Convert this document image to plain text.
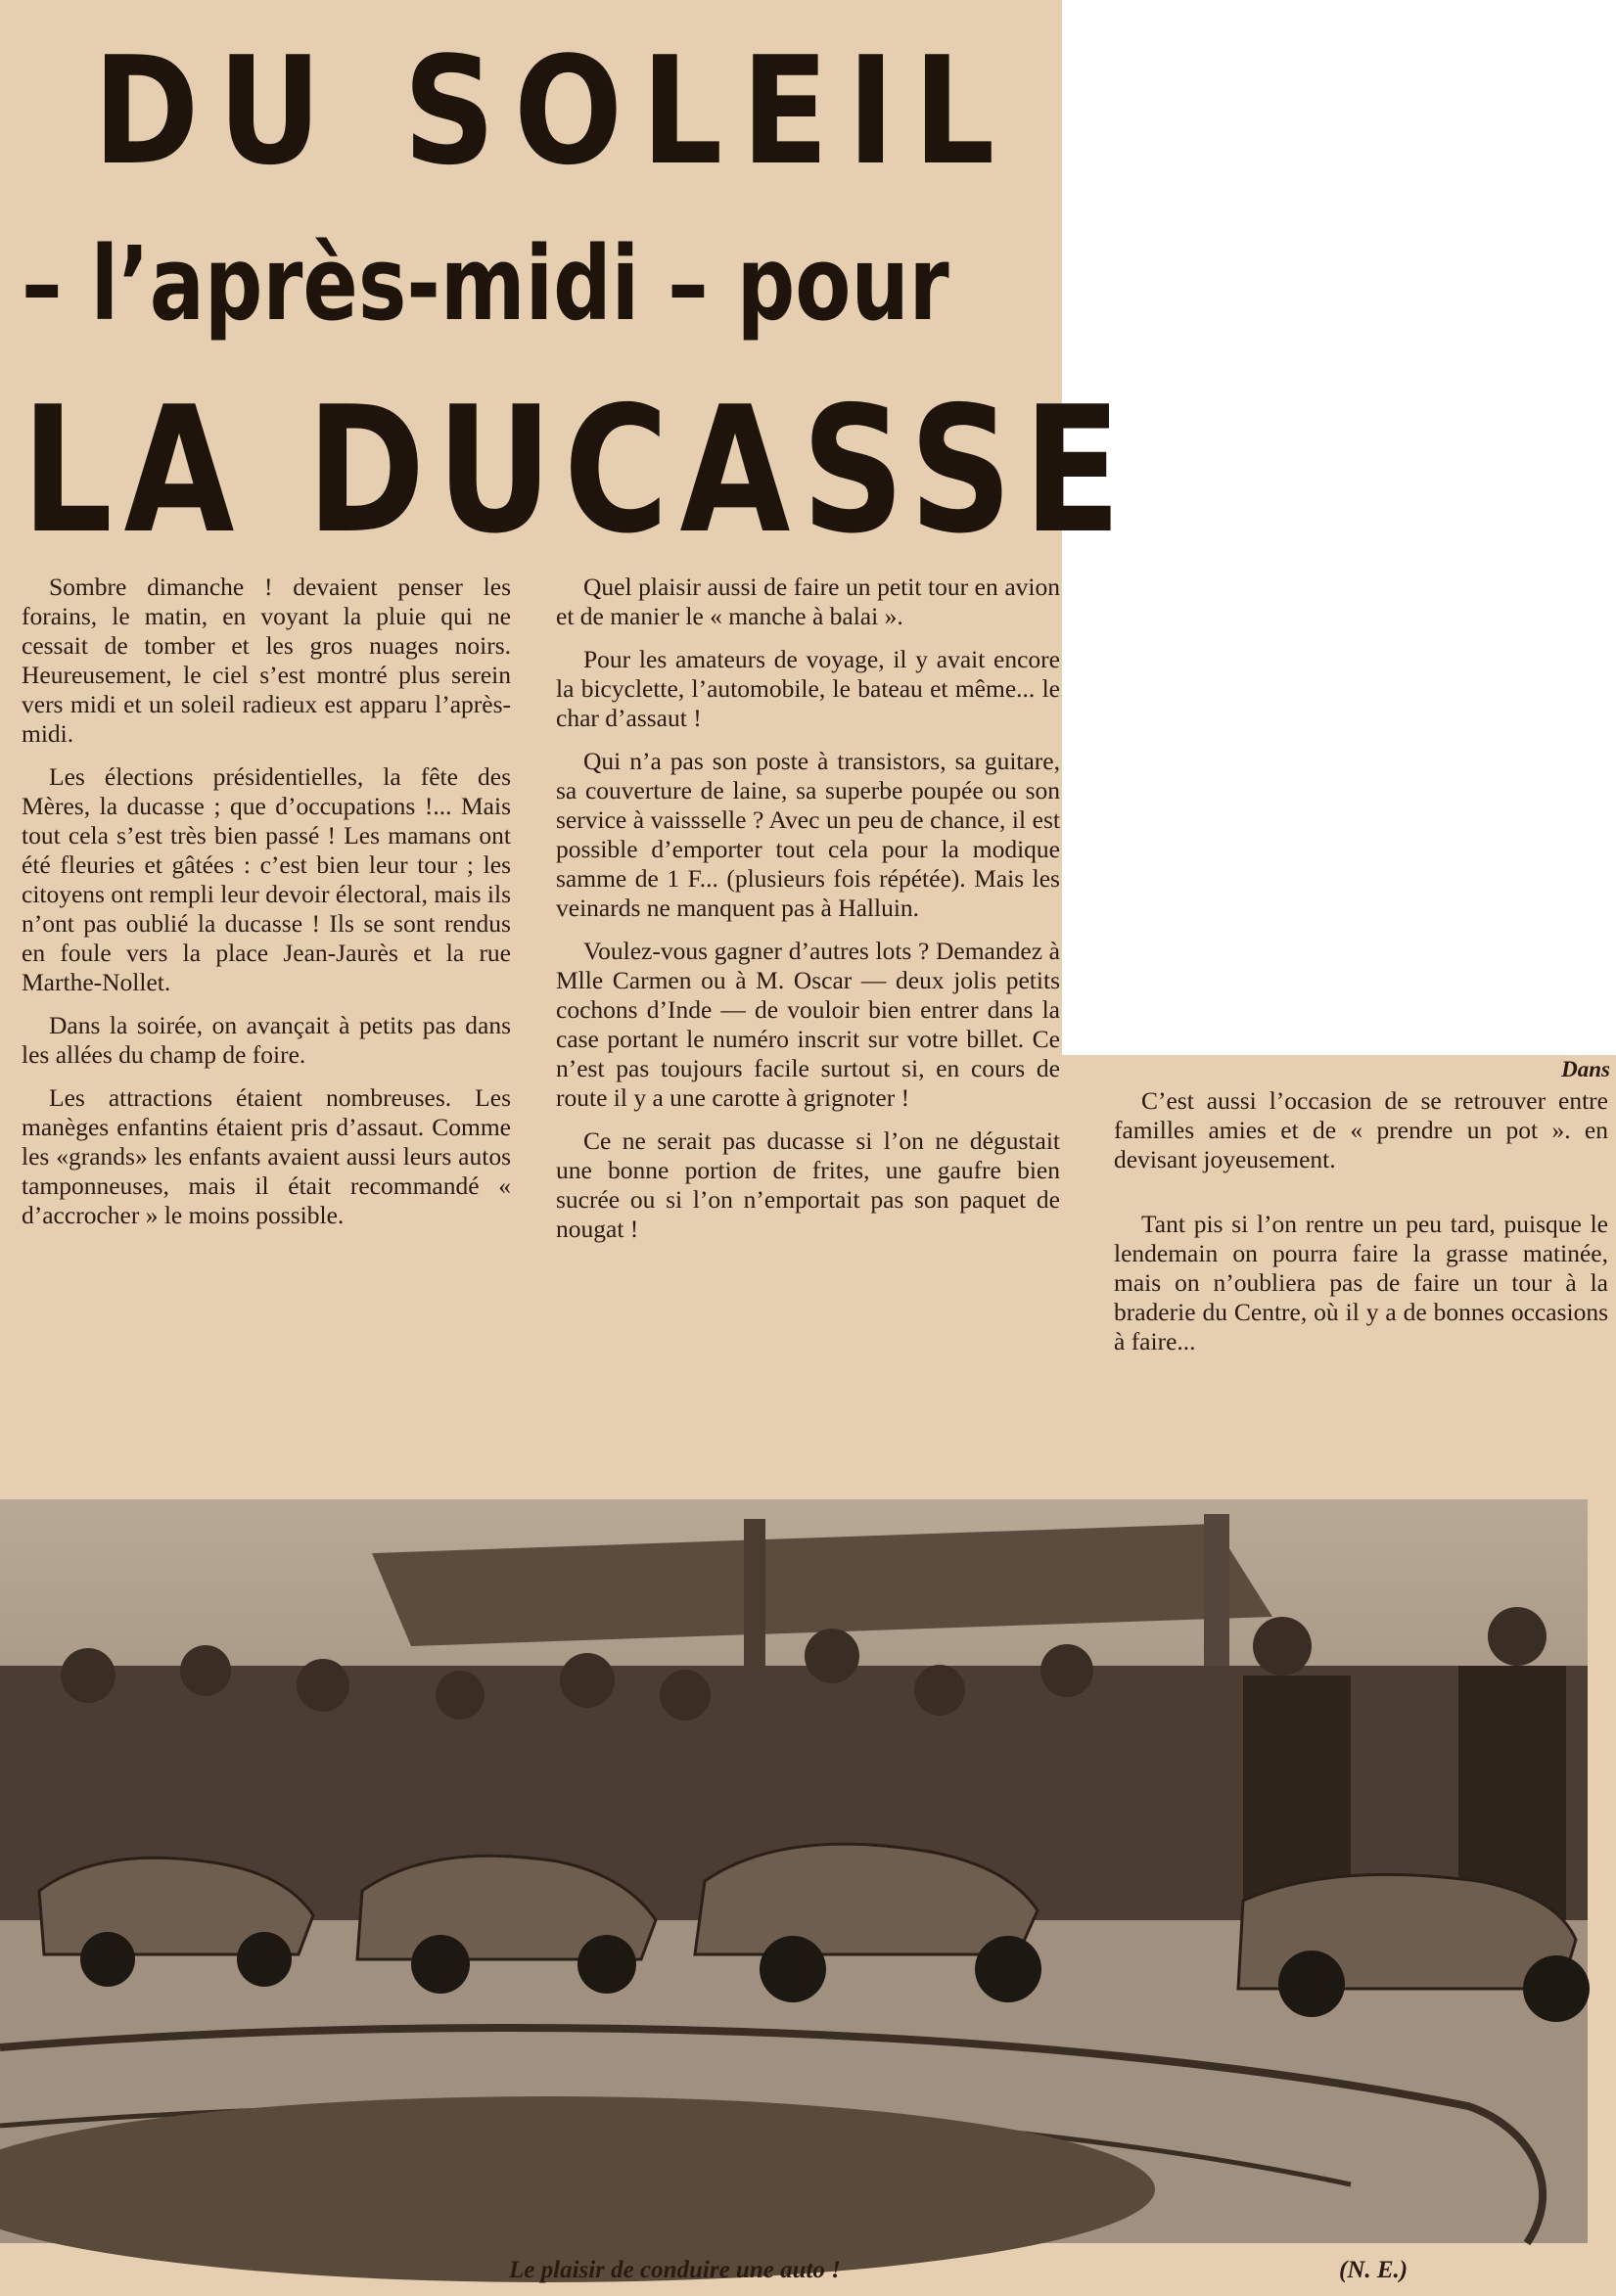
DU SOLEIL
– l’après-midi – pour
LA DUCASSE

Sombre dimanche ! devaient penser les forains, le matin, en voyant la pluie qui ne cessait de tomber et les gros nuages noirs. Heureusement, le ciel s’est montré plus serein vers midi et un soleil radieux est apparu l’après-midi.

Les élections présidentielles, la fête des Mères, la ducasse ; que d’occupations !... Mais tout cela s’est très bien passé ! Les mamans ont été fleuries et gâtées : c’est bien leur tour ; les citoyens ont rempli leur devoir électoral, mais ils n’ont pas oublié la ducasse ! Ils se sont rendus en foule vers la place Jean-Jaurès et la rue Marthe-Nollet.

Dans la soirée, on avançait à petits pas dans les allées du champ de foire.

Les attractions étaient nombreuses. Les manèges enfantins étaient pris d’assaut. Comme les «grands» les enfants avaient aussi leurs autos tamponneuses, mais il était recommandé « d’accrocher » le moins possible.

Quel plaisir aussi de faire un petit tour en avion et de manier le « manche à balai ».

Pour les amateurs de voyage, il y avait encore la bicyclette, l’automobile, le bateau et même... le char d’assaut !

Qui n’a pas son poste à transistors, sa guitare, sa couverture de laine, sa superbe poupée ou son service à vaissselle ? Avec un peu de chance, il est possible d’emporter tout cela pour la modique samme de 1 F... (plusieurs fois répétée). Mais les veinards ne manquent pas à Halluin.

Voulez-vous gagner d’autres lots ? Demandez à Mlle Carmen ou à M. Oscar — deux jolis petits cochons d’Inde — de vouloir bien entrer dans la case portant le numéro inscrit sur votre billet. Ce n’est pas toujours facile surtout si, en cours de route il y a une carotte à grignoter !

Ce ne serait pas ducasse si l’on ne dégustait une bonne portion de frites, une gaufre bien sucrée ou si l’on n’emportait pas son paquet de nougat !

Dans

C’est aussi l’occasion de se retrouver entre familles amies et de « prendre un pot ». en devisant joyeusement.

Tant pis si l’on rentre un peu tard, puisque le lendemain on pourra faire la grasse matinée, mais on n’oubliera pas de faire un tour à la braderie du Centre, où il y a de bonnes occasions à faire...

Le plaisir de conduire une auto !	(N. E.)
